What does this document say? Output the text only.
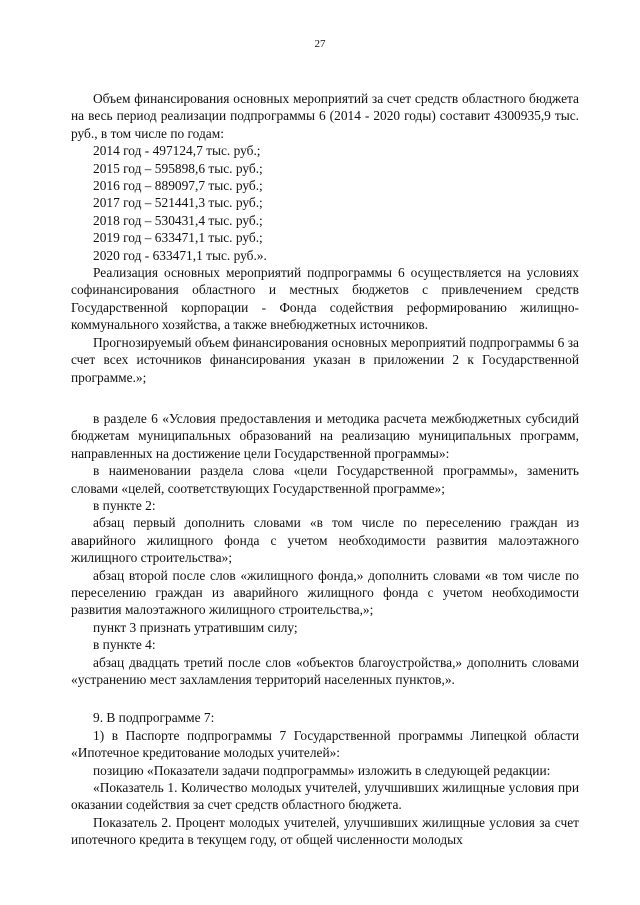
27

Объем финансирования основных мероприятий за счет средств областного бюджета на весь период реализации подпрограммы 6 (2014 - 2020 годы) составит 4300935,9 тыс. руб., в том числе по годам:

2014 год - 497124,7 тыс. руб.;

2015 год – 595898,6 тыс. руб.;

2016 год – 889097,7 тыс. руб.;

2017 год – 521441,3 тыс. руб.;

2018 год – 530431,4 тыс. руб.;

2019 год – 633471,1 тыс. руб.;

2020 год - 633471,1 тыс. руб.».

Реализация основных мероприятий подпрограммы 6 осуществляется на условиях софинансирования областного и местных бюджетов с привлечением средств Государственной корпорации - Фонда содействия реформированию жилищно-коммунального хозяйства, а также внебюджетных источников.

Прогнозируемый объем финансирования основных мероприятий подпрограммы 6 за счет всех источников финансирования указан в приложении 2 к Государственной программе.»;

в разделе 6 «Условия предоставления и методика расчета межбюджетных субсидий бюджетам муниципальных образований на реализацию муниципальных программ, направленных на достижение цели Государственной программы»:

в наименовании раздела слова «цели Государственной программы», заменить словами «целей, соответствующих Государственной программе»;

в пункте 2:

абзац первый дополнить словами «в том числе по переселению граждан из аварийного жилищного фонда с учетом необходимости развития малоэтажного жилищного строительства»;

абзац второй после слов «жилищного фонда,» дополнить словами «в том числе по переселению граждан из аварийного жилищного фонда с учетом необходимости развития малоэтажного жилищного строительства,»;

пункт 3 признать утратившим силу;

в пункте 4:

абзац двадцать третий после слов «объектов благоустройства,» дополнить словами «устранению мест захламления территорий населенных пунктов,».

9. В подпрограмме 7:

1) в Паспорте подпрограммы 7 Государственной программы Липецкой области «Ипотечное кредитование молодых учителей»:

позицию «Показатели задачи подпрограммы» изложить в следующей редакции:

«Показатель 1. Количество молодых учителей, улучшивших жилищные условия при оказании содействия за счет средств областного бюджета.

Показатель 2. Процент молодых учителей, улучшивших жилищные условия за счет ипотечного кредита в текущем году, от общей численности молодых
